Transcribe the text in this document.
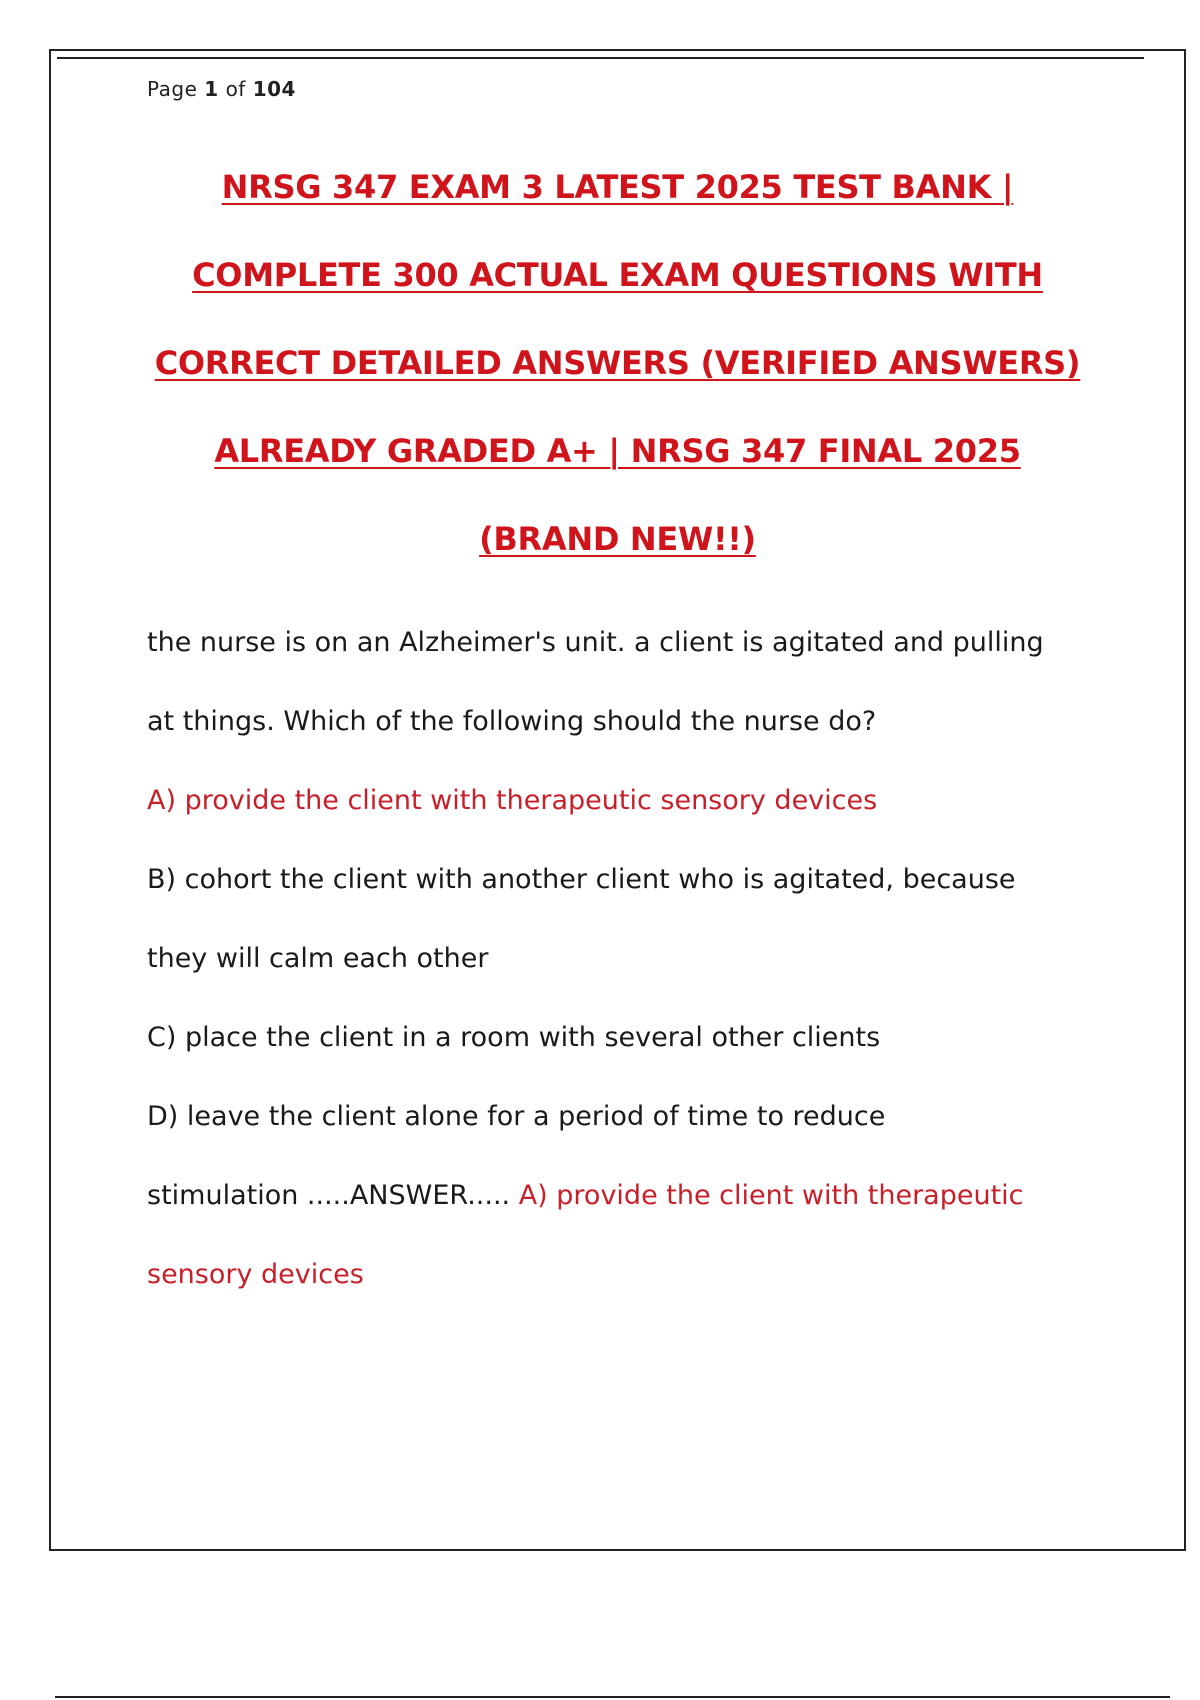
Page 1 of 104
NRSG 347 EXAM 3 LATEST 2025 TEST BANK |
COMPLETE 300 ACTUAL EXAM QUESTIONS WITH
CORRECT DETAILED ANSWERS (VERIFIED ANSWERS)
ALREADY GRADED A+ | NRSG 347 FINAL 2025
(BRAND NEW!!)

the nurse is on an Alzheimer's unit. a client is agitated and pulling

at things. Which of the following should the nurse do?

A) provide the client with therapeutic sensory devices

B) cohort the client with another client who is agitated, because

they will calm each other

C) place the client in a room with several other clients

D) leave the client alone for a period of time to reduce

stimulation .....ANSWER..... A) provide the client with therapeutic

sensory devices
